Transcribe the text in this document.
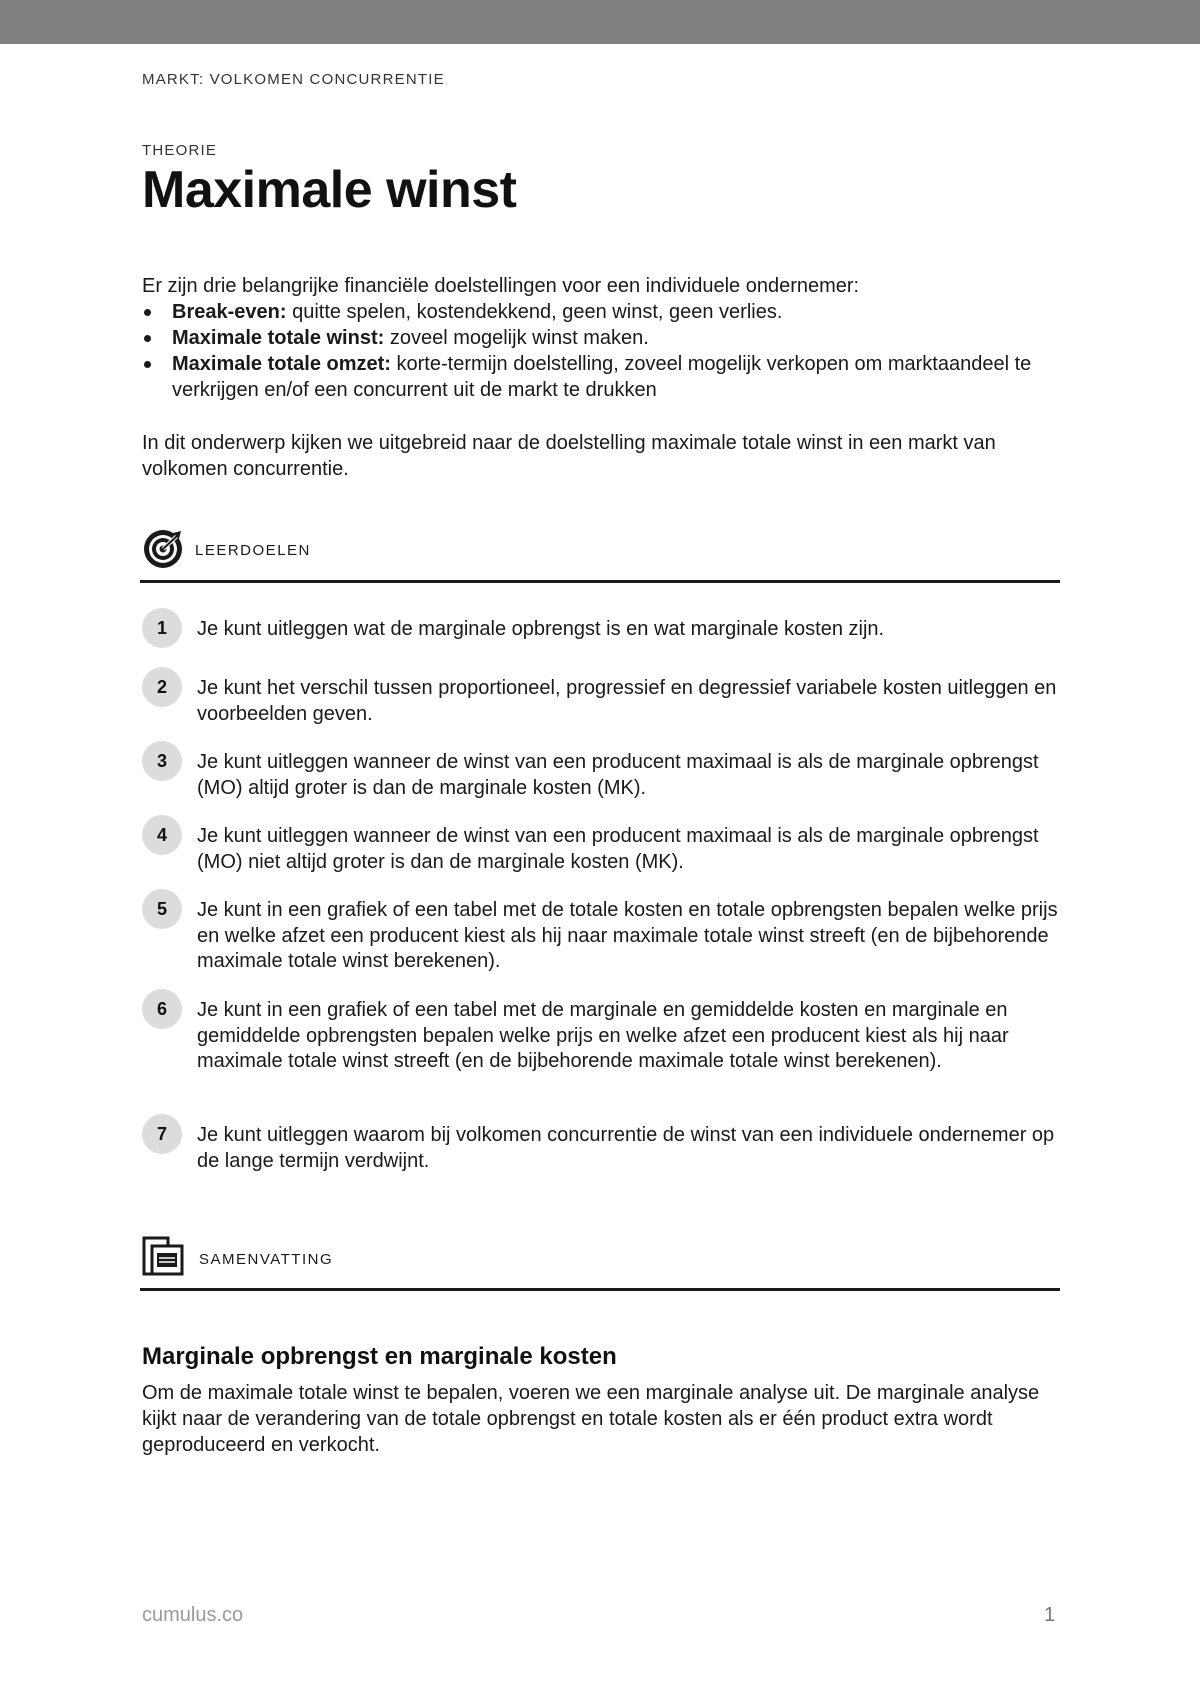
MARKT: VOLKOMEN CONCURRENTIE
THEORIE
Maximale winst
Er zijn drie belangrijke financiële doelstellingen voor een individuele ondernemer:
Break-even: quitte spelen, kostendekkend, geen winst, geen verlies.
Maximale totale winst: zoveel mogelijk winst maken.
Maximale totale omzet: korte-termijn doelstelling, zoveel mogelijk verkopen om marktaandeel te verkrijgen en/of een concurrent uit de markt te drukken
In dit onderwerp kijken we uitgebreid naar de doelstelling maximale totale winst in een markt van volkomen concurrentie.
LEERDOELEN
1	Je kunt uitleggen wat de marginale opbrengst is en wat marginale kosten zijn.
2	Je kunt het verschil tussen proportioneel, progressief en degressief variabele kosten uitleggen en voorbeelden geven.
3	Je kunt uitleggen wanneer de winst van een producent maximaal is als de marginale opbrengst (MO) altijd groter is dan de marginale kosten (MK).
4	Je kunt uitleggen wanneer de winst van een producent maximaal is als de marginale opbrengst (MO) niet altijd groter is dan de marginale kosten (MK).
5	Je kunt in een grafiek of een tabel met de totale kosten en totale opbrengsten bepalen welke prijs en welke afzet een producent kiest als hij naar maximale totale winst streeft (en de bijbehorende maximale totale winst berekenen).
6	Je kunt in een grafiek of een tabel met de marginale en gemiddelde kosten en marginale en gemiddelde opbrengsten bepalen welke prijs en welke afzet een producent kiest als hij naar maximale totale winst streeft (en de bijbehorende maximale totale winst berekenen).
7	Je kunt uitleggen waarom bij volkomen concurrentie de winst van een individuele ondernemer op de lange termijn verdwijnt.
SAMENVATTING
Marginale opbrengst en marginale kosten
Om de maximale totale winst te bepalen, voeren we een marginale analyse uit. De marginale analyse kijkt naar de verandering van de totale opbrengst en totale kosten als er één product extra wordt geproduceerd en verkocht.
cumulus.co	1
